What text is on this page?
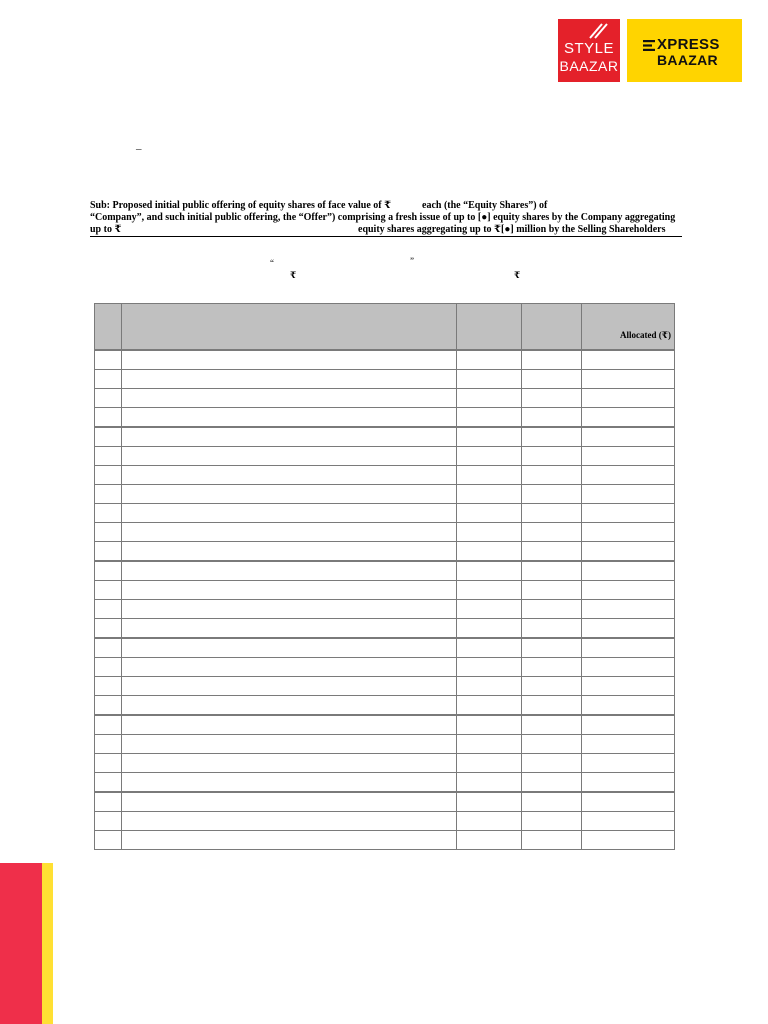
STYLE
BAAZAR
XPRESS
BAAZAR
–
Sub: Proposed initial public offering of equity shares of face value of ₹	each (the “Equity Shares”) of
“Company”, and such initial public offering, the “Offer”) comprising a fresh issue of up to [●] equity shares by the Company aggregating
up to ₹	equity shares aggregating up to ₹[●] million by the Selling Shareholders
“	”
₹	₹
				Allocated (₹)
